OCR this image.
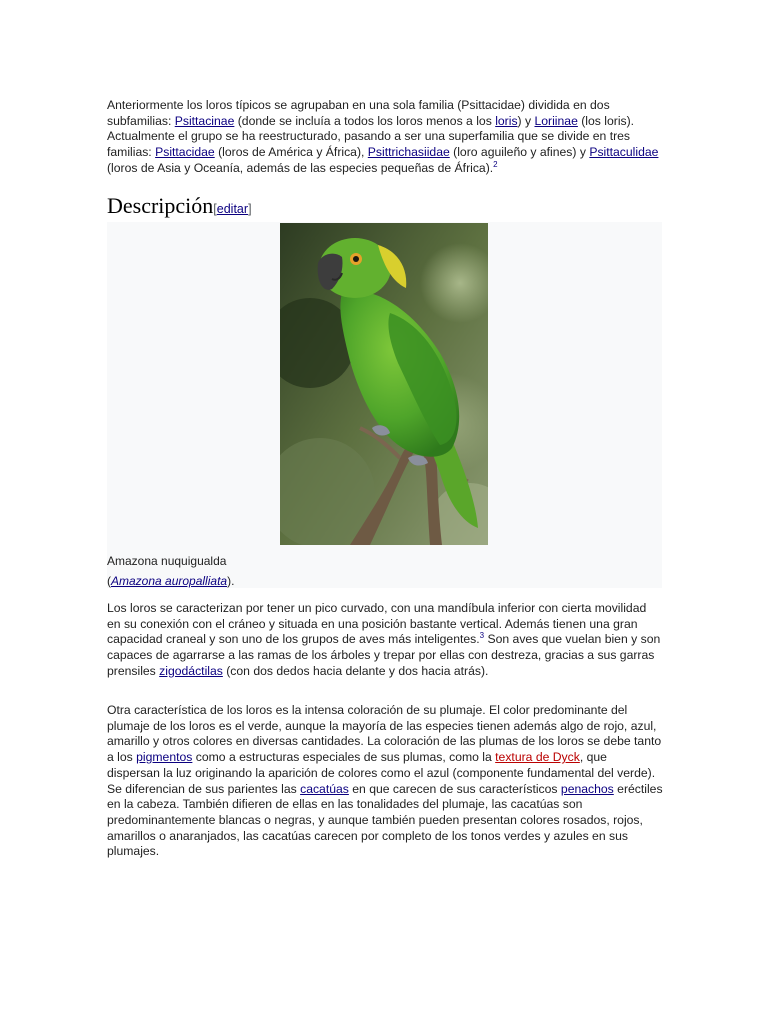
Anteriormente los loros típicos se agrupaban en una sola familia (Psittacidae) dividida en dos subfamilias: Psittacinae (donde se incluía a todos los loros menos a los loris) y Loriinae (los loris). Actualmente el grupo se ha reestructurado, pasando a ser una superfamilia que se divide en tres familias: Psittacidae (loros de América y África), Psittrichasiidae (loro aguileño y afines) y Psittaculidae (loros de Asia y Oceanía, además de las especies pequeñas de África).$^2$
Descripción[editar]
Amazona nuquigualda
(Amazona auropalliata).
Los loros se caracterizan por tener un pico curvado, con una mandíbula inferior con cierta movilidad en su conexión con el cráneo y situada en una posición bastante vertical. Además tienen una gran capacidad craneal y son uno de los grupos de aves más inteligentes.$^3$ Son aves que vuelan bien y son capaces de agarrarse a las ramas de los árboles y trepar por ellas con destreza, gracias a sus garras prensiles zigodáctilas (con dos dedos hacia delante y dos hacia atrás).
Otra característica de los loros es la intensa coloración de su plumaje. El color predominante del plumaje de los loros es el verde, aunque la mayoría de las especies tienen además algo de rojo, azul, amarillo y otros colores en diversas cantidades. La coloración de las plumas de los loros se debe tanto a los pigmentos como a estructuras especiales de sus plumas, como la textura de Dyck, que dispersan la luz originando la aparición de colores como el azul (componente fundamental del verde). Se diferencian de sus parientes las cacatúas en que carecen de sus característicos penachos eréctiles en la cabeza. También difieren de ellas en las tonalidades del plumaje, las cacatúas son predominantemente blancas o negras, y aunque también pueden presentan colores rosados, rojos, amarillos o anaranjados, las cacatúas carecen por completo de los tonos verdes y azules en sus plumajes.
